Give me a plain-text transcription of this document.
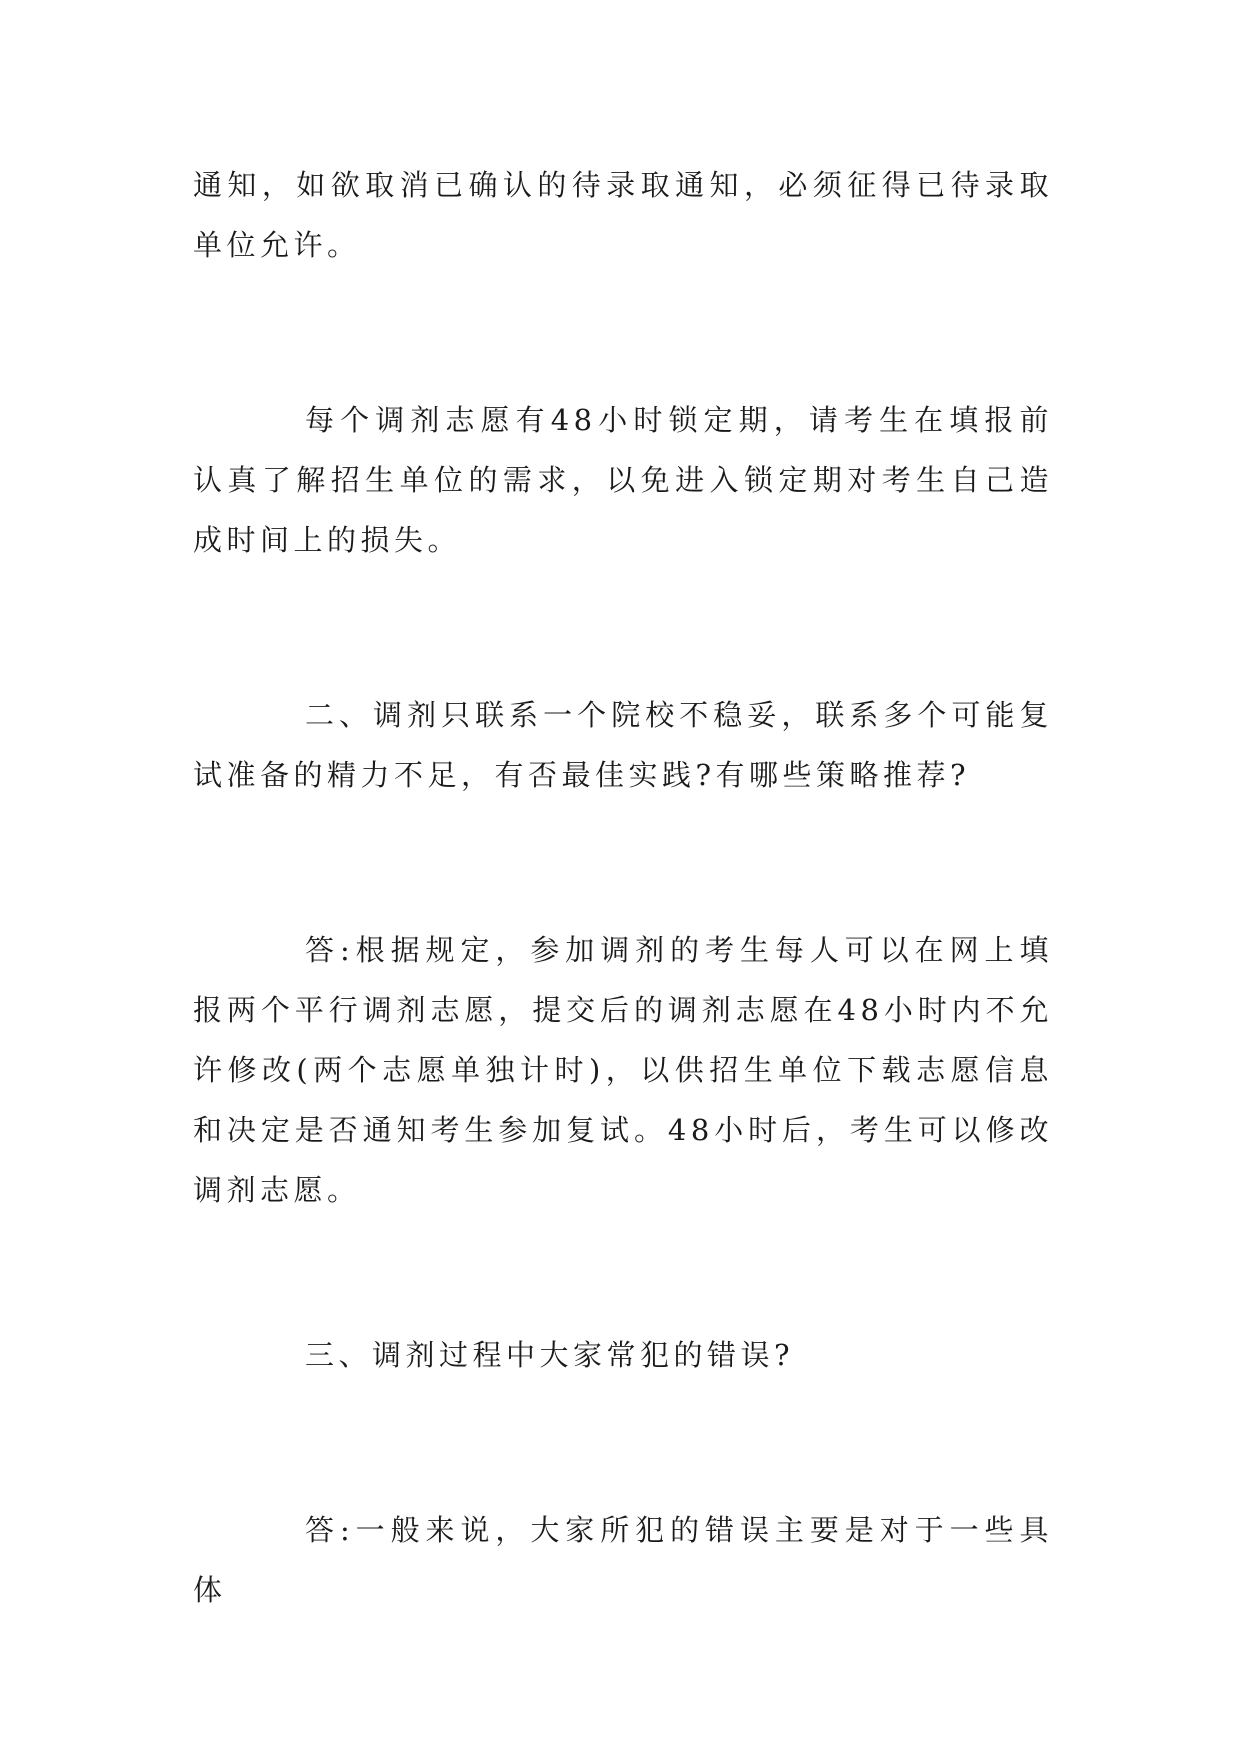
通知，如欲取消已确认的待录取通知，必须征得已待录取单位允许。

每个调剂志愿有48小时锁定期，请考生在填报前认真了解招生单位的需求，以免进入锁定期对考生自己造成时间上的损失。

二、调剂只联系一个院校不稳妥，联系多个可能复试准备的精力不足，有否最佳实践?有哪些策略推荐?

答:根据规定，参加调剂的考生每人可以在网上填报两个平行调剂志愿，提交后的调剂志愿在48小时内不允许修改(两个志愿单独计时)，以供招生单位下载志愿信息和决定是否通知考生参加复试。48小时后，考生可以修改调剂志愿。

三、调剂过程中大家常犯的错误?

答:一般来说，大家所犯的错误主要是对于一些具体
